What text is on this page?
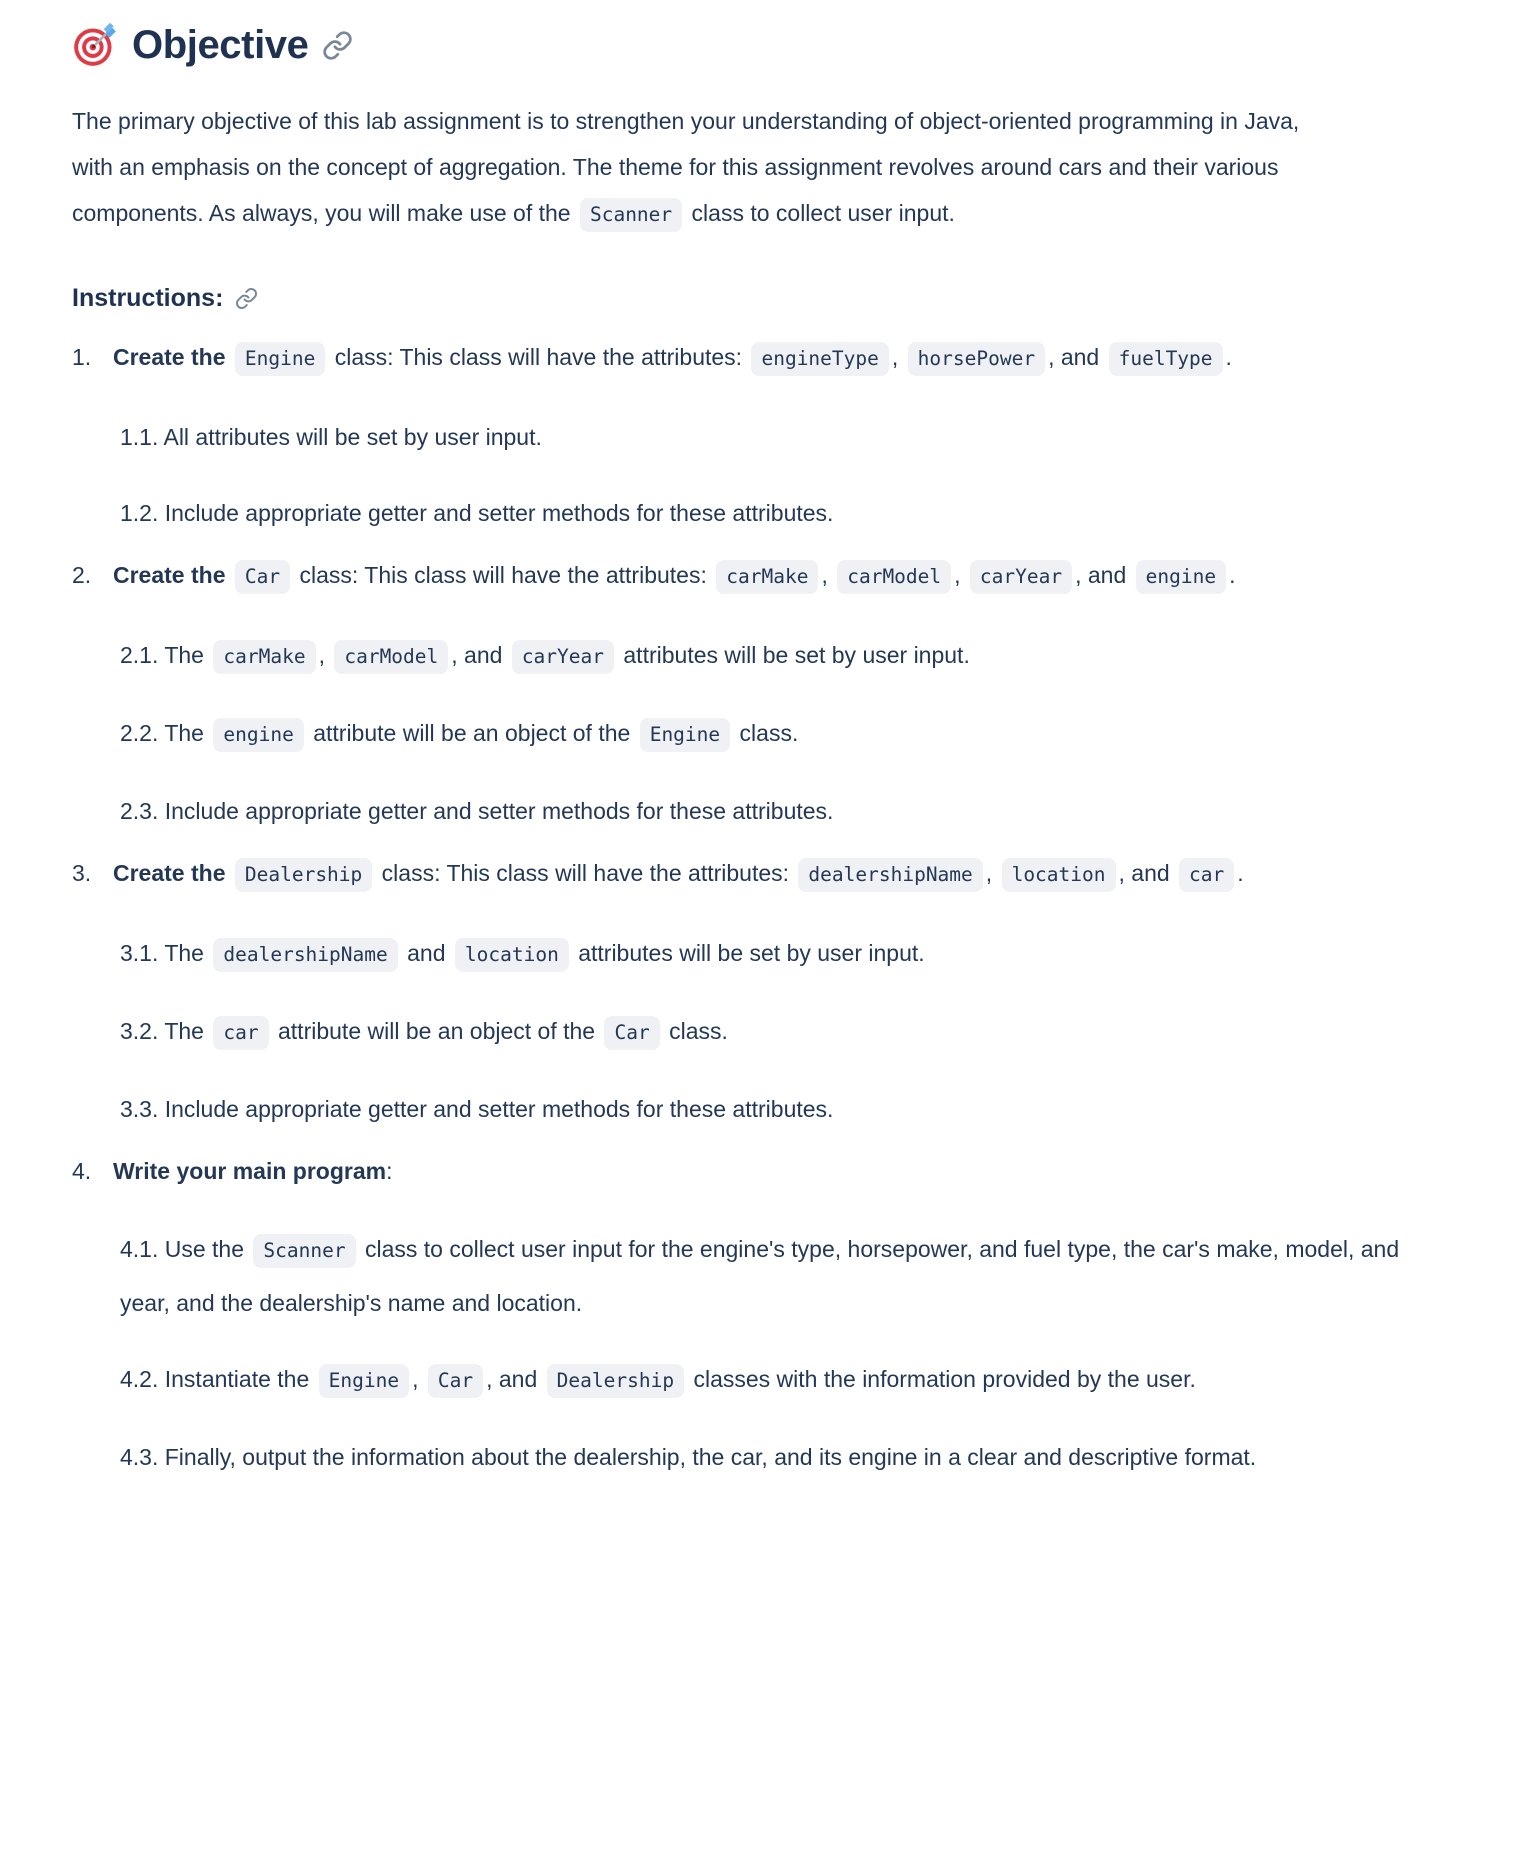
Objective

The primary objective of this lab assignment is to strengthen your understanding of object-oriented programming in Java, with an emphasis on the concept of aggregation. The theme for this assignment revolves around cars and their various components. As always, you will make use of the Scanner class to collect user input.

Instructions:
1. Create the Engine class: This class will have the attributes: engineType , horsePower , and fuelType .
1.1. All attributes will be set by user input.
1.2. Include appropriate getter and setter methods for these attributes.
2. Create the Car class: This class will have the attributes: carMake , carModel , carYear , and engine .
2.1. The carMake , carModel , and carYear attributes will be set by user input.
2.2. The engine attribute will be an object of the Engine class.
2.3. Include appropriate getter and setter methods for these attributes.
3. Create the Dealership class: This class will have the attributes: dealershipName , location , and car .
3.1. The dealershipName and location attributes will be set by user input.
3.2. The car attribute will be an object of the Car class.
3.3. Include appropriate getter and setter methods for these attributes.
4. Write your main program:
4.1. Use the Scanner class to collect user input for the engine's type, horsepower, and fuel type, the car's make, model, and year, and the dealership's name and location.
4.2. Instantiate the Engine , Car , and Dealership classes with the information provided by the user.
4.3. Finally, output the information about the dealership, the car, and its engine in a clear and descriptive format.
